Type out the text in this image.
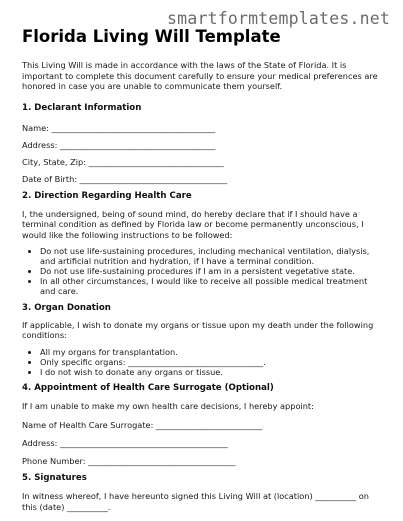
smartformtemplates.net
Florida Living Will Template

This Living Will is made in accordance with the laws of the State of Florida. It is important to complete this document carefully to ensure your medical preferences are honored in case you are unable to communicate them yourself.

1. Declarant Information
Name: ________________________________________
Address: ______________________________________
City, State, Zip: _________________________________
Date of Birth: ____________________________________
2. Direction Regarding Health Care

I, the undersigned, being of sound mind, do hereby declare that if I should have a terminal condition as defined by Florida law or become permanently unconscious, I would like the following instructions to be followed:

• Do not use life-sustaining procedures, including mechanical ventilation, dialysis, and artificial nutrition and hydration, if I have a terminal condition.
• Do not use life-sustaining procedures if I am in a persistent vegetative state.
• In all other circumstances, I would like to receive all possible medical treatment and care.
3. Organ Donation

If applicable, I wish to donate my organs or tissue upon my death under the following conditions:

• All my organs for transplantation.
• Only specific organs: _________________________________.
• I do not wish to donate any organs or tissue.
4. Appointment of Health Care Surrogate (Optional)

If I am unable to make my own health care decisions, I hereby appoint:

Name of Health Care Surrogate: __________________________
Address: _________________________________________
Phone Number: ____________________________________
5. Signatures

In witness whereof, I have hereunto signed this Living Will at (location) __________ on this (date) __________.
